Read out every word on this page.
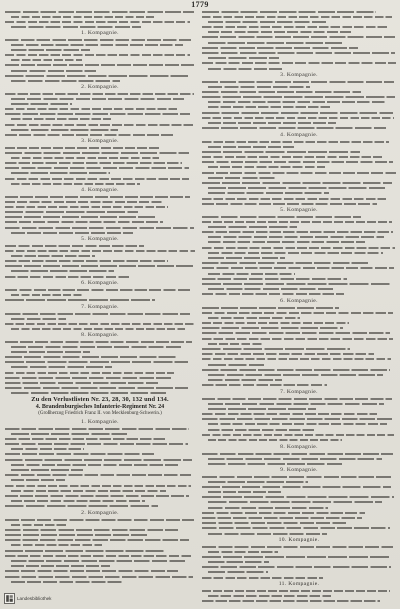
1779
1. Kompagnie.
2. Kompagnie.
3. Kompagnie.
4. Kompagnie.
5. Kompagnie.
6. Kompagnie.
7. Kompagnie.
8. Kompagnie.
Zu den Verlustlisten Nr. 23, 28, 30, 132 und 134.
4. Brandenburgisches Infanterie-Regiment Nr. 24
(Großherzog Friedrich Franz II. von Mecklenburg-Schwerin.)
1. Kompagnie.
2. Kompagnie.
3. Kompagnie.
4. Kompagnie.
5. Kompagnie.
6. Kompagnie.
7. Kompagnie.
8. Kompagnie.
9. Kompagnie.
10. Kompagnie.
11. Kompagnie.
Landesbibliothek
